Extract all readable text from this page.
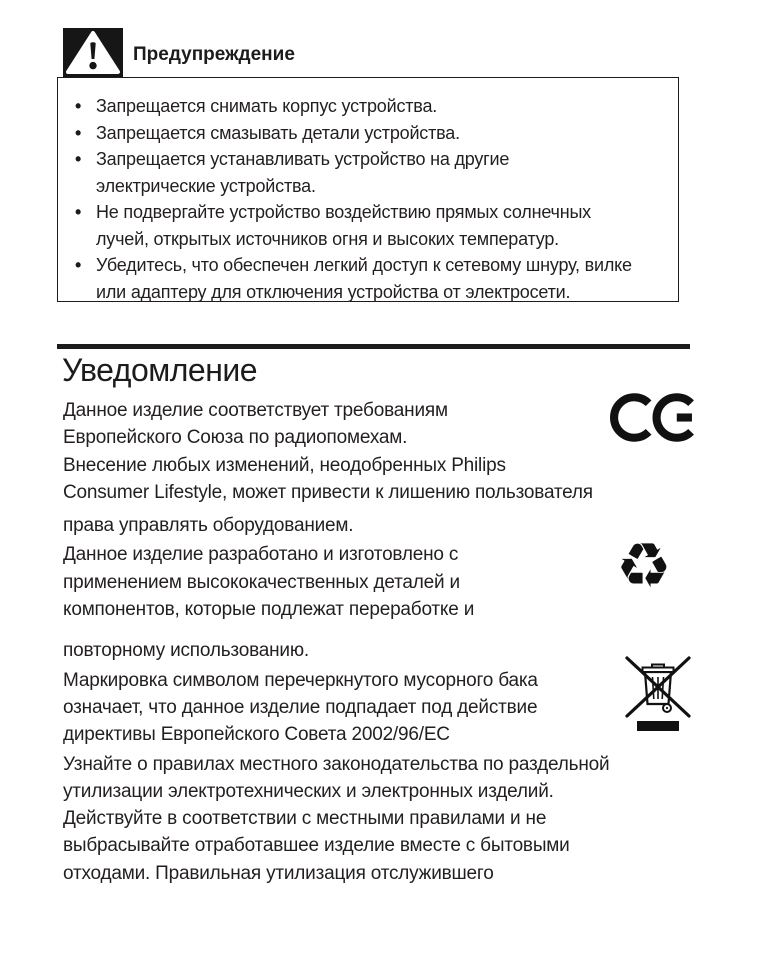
Предупреждение
• Запрещается снимать корпус устройства.
• Запрещается смазывать детали устройства.
• Запрещается устанавливать устройство на другие
электрические устройства.
• Не подвергайте устройство воздействию прямых солнечных
лучей, открытых источников огня и высоких температур.
• Убедитесь, что обеспечен легкий доступ к сетевому шнуру, вилке
или адаптеру для отключения устройства от электросети.
Уведомление
Данное изделие соответствует требованиям
Европейского Союза по радиопомехам.
Внесение любых изменений, неодобренных Philips
Consumer Lifestyle, может привести к лишению пользователя
права управлять оборудованием.
Данное изделие разработано и изготовлено с
применением высококачественных деталей и
компонентов, которые подлежат переработке и
повторному использованию.
Маркировка символом перечеркнутого мусорного бака
означает, что данное изделие подпадает под действие
директивы Европейского Совета 2002/96/EC
Узнайте о правилах местного законодательства по раздельной
утилизации электротехнических и электронных изделий.
Действуйте в соответствии с местными правилами и не
выбрасывайте отработавшее изделие вместе с бытовыми
отходами. Правильная утилизация отслужившего
♻
